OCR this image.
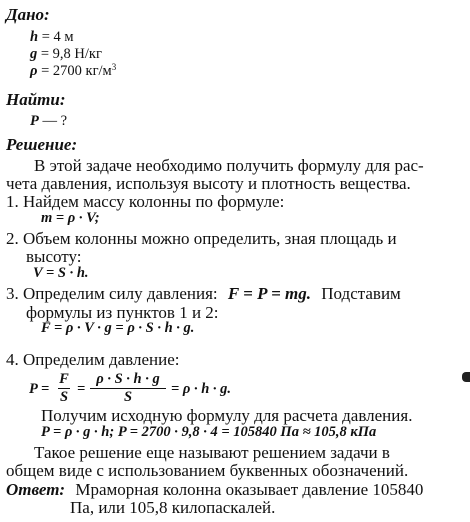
Дано:
h = 4 м
g = 9,8 Н/кг
ρ = 2700 $кг/м^3$
Найти:
P — ?
Решение:
В этой задаче необходимо получить формулу для рас-
чета давления, используя высоту и плотность вещества.
1. Найдем массу колонны по формуле:
m = ρ · V;
2. Объем колонны можно определить, зная площадь и
высоту:
V = S · h.
3. Определим силу давления: F = P = mg. Подставим
формулы из пунктов 1 и 2:
F = ρ · V · g = ρ · S · h · g.
4. Определим давление:
P =
F
S
=
ρ · S · h · g
S
= ρ · h · g.
Получим исходную формулу для расчета давления.
P = ρ · g · h; P = 2700 · 9,8 · 4 = 105840 Па ≈ 105,8 кПа
Такое решение еще называют решением задачи в
общем виде с использованием буквенных обозначений.
Ответ: Мраморная колонна оказывает давление 105840
Па, или 105,8 килопаскалей.
